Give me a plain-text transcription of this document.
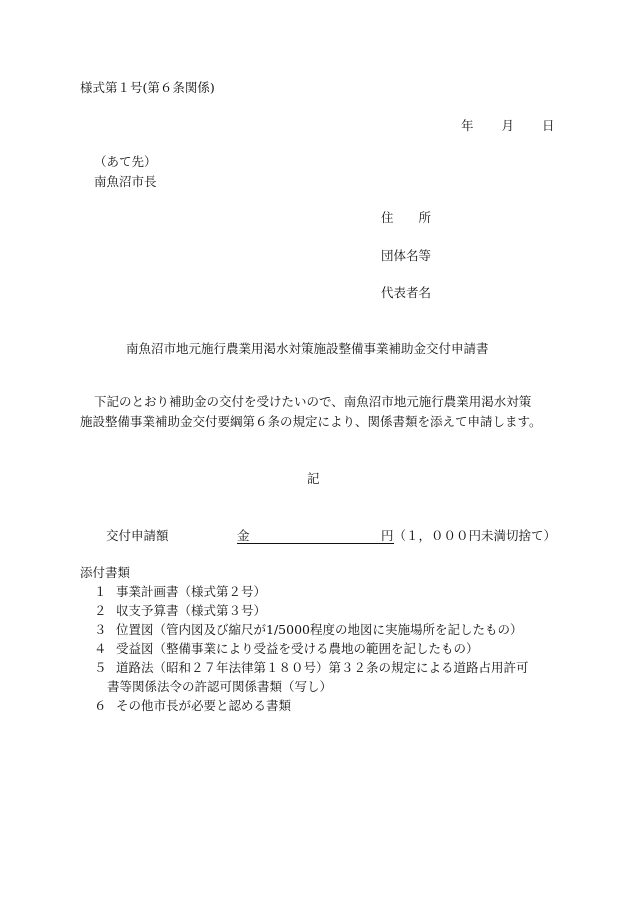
様式第１号(第６条関係)
年 月 日
（あて先）
南魚沼市長
住　　所
団体名等
代表者名
南魚沼市地元施行農業用渇水対策施設整備事業補助金交付申請書
下記のとおり補助金の交付を受けたいので、南魚沼市地元施行農業用渇水対策
施設整備事業補助金交付要綱第６条の規定により、関係書類を添えて申請します。
記
交付申請額	金	円（１，０００円未満切捨て）
添付書類
１ 事業計画書（様式第２号）
２ 収支予算書（様式第３号）
３ 位置図（管内図及び縮尺が1/5000程度の地図に実施場所を記したもの）
４ 受益図（整備事業により受益を受ける農地の範囲を記したもの）
５ 道路法（昭和２７年法律第１８０号）第３２条の規定による道路占用許可
書等関係法令の許認可関係書類（写し）
６ その他市長が必要と認める書類
